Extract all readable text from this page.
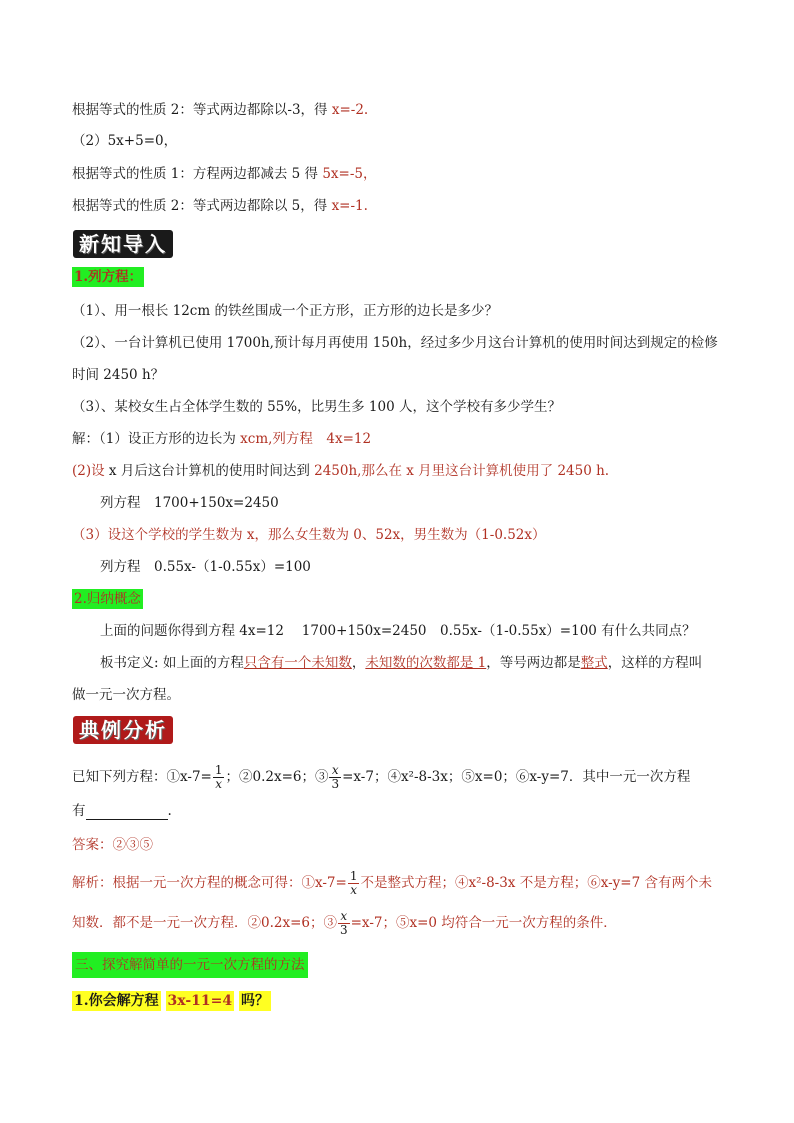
根据等式的性质 2：等式两边都除以-3，得 x=-2.
（2）5x+5=0，
根据等式的性质 1：方程两边都减去 5 得 5x=-5，
根据等式的性质 2：等式两边都除以 5，得 x=-1.
新知导入
1.列方程：
（1）、用一根长 12cm 的铁丝围成一个正方形，正方形的边长是多少？
（2）、一台计算机已使用 1700h,预计每月再使用 150h，经过多少月这台计算机的使用时间达到规定的检修
时间 2450 h？
（3）、某校女生占全体学生数的 55%，比男生多 100 人，这个学校有多少学生？
解：（1）设正方形的边长为 xcm,列方程　4x=12
(2)设 x 月后这台计算机的使用时间达到 2450h,那么在 x 月里这台计算机使用了 2450 h.
列方程　1700+150x=2450
（3）设这个学校的学生数为 x，那么女生数为 0、52x，男生数为（1-0.52x）
列方程　0.55x-（1-0.55x）=100
2.归纳概念
上面的问题你得到方程 4x=12　 1700+150x=2450　0.55x-（1-0.55x）=100 有什么共同点？
板书定义: 如上面的方程只含有一个未知数，未知数的次数都是 1，等号两边都是整式，这样的方程叫
做一元一次方程。
典例分析
已知下列方程：①x-7= $\frac{1}{x}$ ；②0.2x=6；③ $\frac{x}{3} =x-7$；④x²-8-3x；⑤x=0；⑥x-y=7．其中一元一次方程
有	.
答案：②③⑤
解析：根据一元一次方程的概念可得：①x-7= $\frac{1}{x}$ 不是整式方程；④x²-8-3x 不是方程；⑥x-y=7 含有两个未
知数．都不是一元一次方程．②0.2x=6；③ $\frac{x}{3} =x-7$；⑤x=0 均符合一元一次方程的条件．
三、探究解简单的一元一次方程的方法
1.你会解方程 3x-11=4 吗？
